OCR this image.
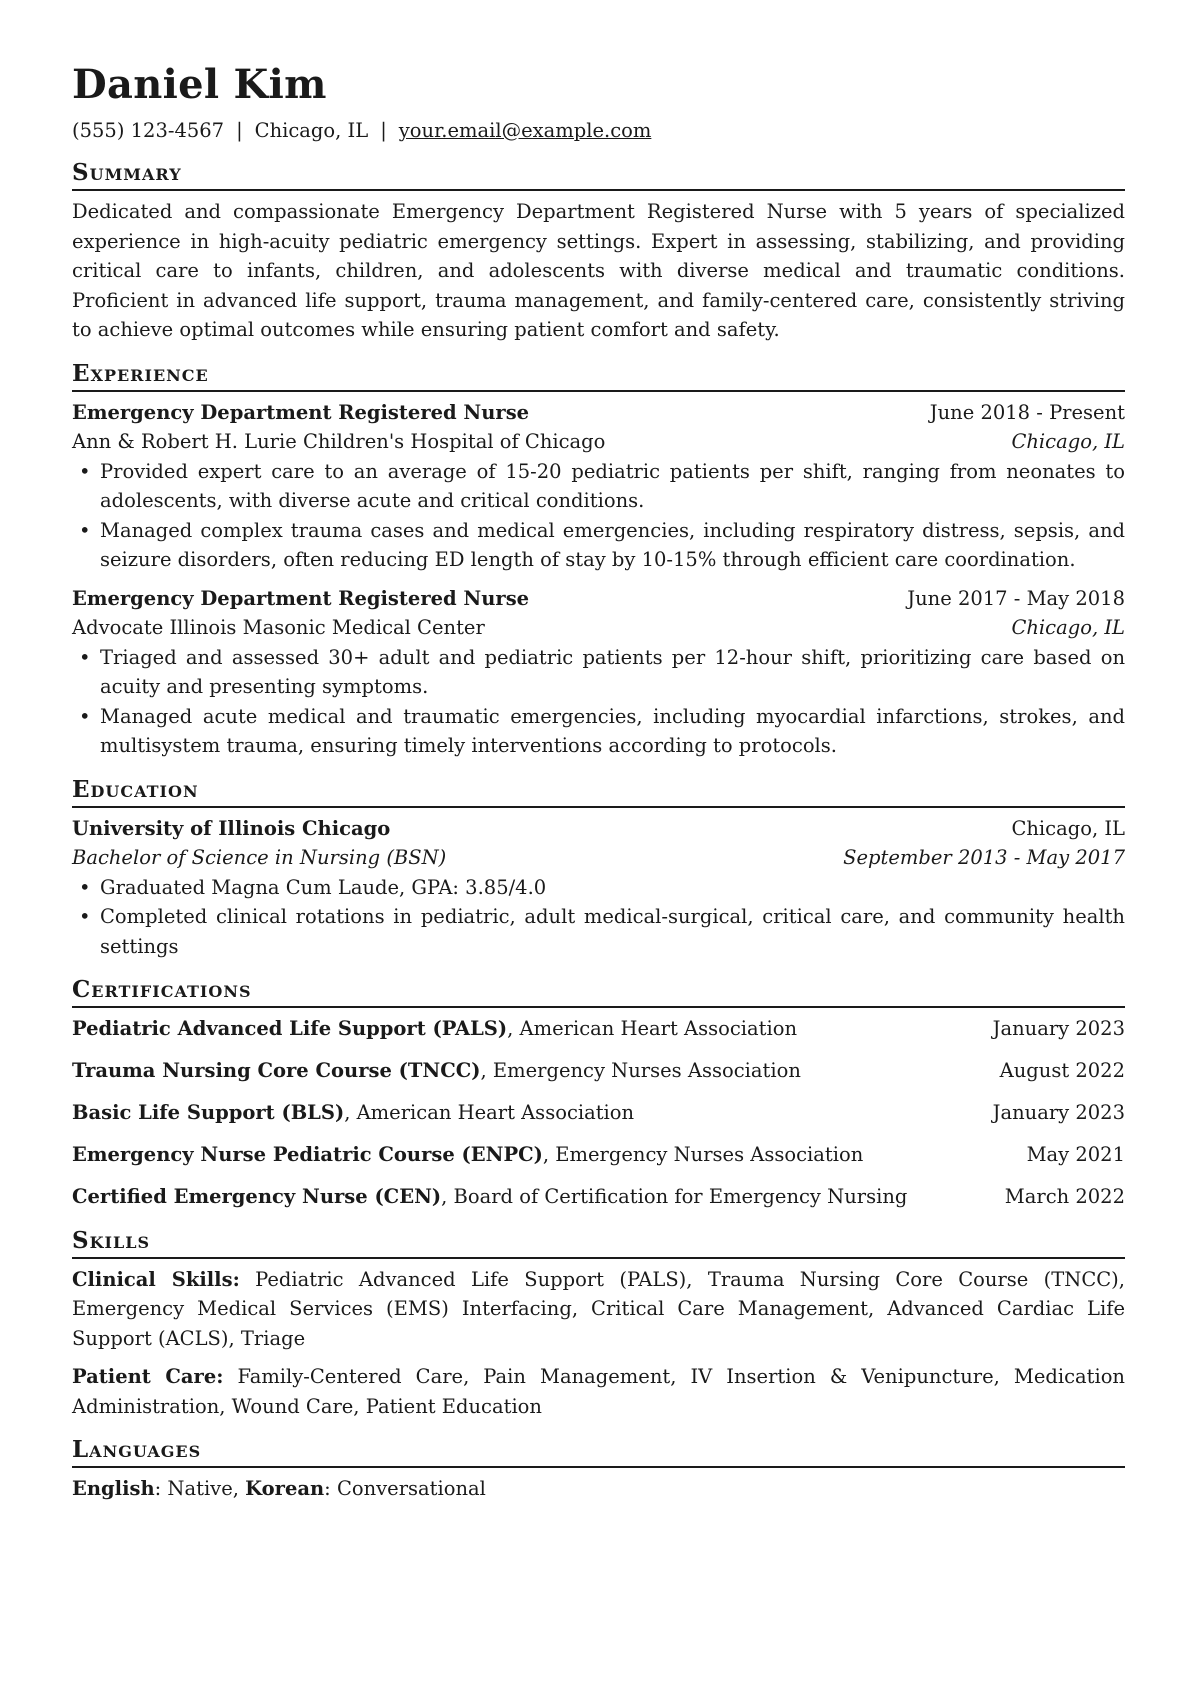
Daniel Kim
(555) 123-4567 | Chicago, IL | your.email@example.com
Summary
Dedicated and compassionate Emergency Department Registered Nurse with 5 years of specialized experience in high-acuity pediatric emergency settings. Expert in assessing, stabilizing, and providing critical care to infants, children, and adolescents with diverse medical and traumatic conditions. Proficient in advanced life support, trauma management, and family-centered care, consistently striving to achieve optimal outcomes while ensuring patient comfort and safety.
Experience
Emergency Department Registered Nurse	June 2018 - Present
Ann & Robert H. Lurie Children's Hospital of Chicago	Chicago, IL
• Provided expert care to an average of 15-20 pediatric patients per shift, ranging from neonates to adolescents, with diverse acute and critical conditions.
• Managed complex trauma cases and medical emergencies, including respiratory distress, sepsis, and seizure disorders, often reducing ED length of stay by 10-15% through efficient care coordination.
Emergency Department Registered Nurse	June 2017 - May 2018
Advocate Illinois Masonic Medical Center	Chicago, IL
• Triaged and assessed 30+ adult and pediatric patients per 12-hour shift, prioritizing care based on acuity and presenting symptoms.
• Managed acute medical and traumatic emergencies, including myocardial infarctions, strokes, and multisystem trauma, ensuring timely interventions according to protocols.
Education
University of Illinois Chicago	Chicago, IL
Bachelor of Science in Nursing (BSN)	September 2013 - May 2017
• Graduated Magna Cum Laude, GPA: 3.85/4.0
• Completed clinical rotations in pediatric, adult medical-surgical, critical care, and community health settings
Certifications
Pediatric Advanced Life Support (PALS), American Heart Association	January 2023
Trauma Nursing Core Course (TNCC), Emergency Nurses Association	August 2022
Basic Life Support (BLS), American Heart Association	January 2023
Emergency Nurse Pediatric Course (ENPC), Emergency Nurses Association	May 2021
Certified Emergency Nurse (CEN), Board of Certification for Emergency Nursing	March 2022
Skills
Clinical Skills: Pediatric Advanced Life Support (PALS), Trauma Nursing Core Course (TNCC), Emergency Medical Services (EMS) Interfacing, Critical Care Management, Advanced Cardiac Life Support (ACLS), Triage
Patient Care: Family-Centered Care, Pain Management, IV Insertion & Venipuncture, Medication Administration, Wound Care, Patient Education
Languages
English: Native, Korean: Conversational
